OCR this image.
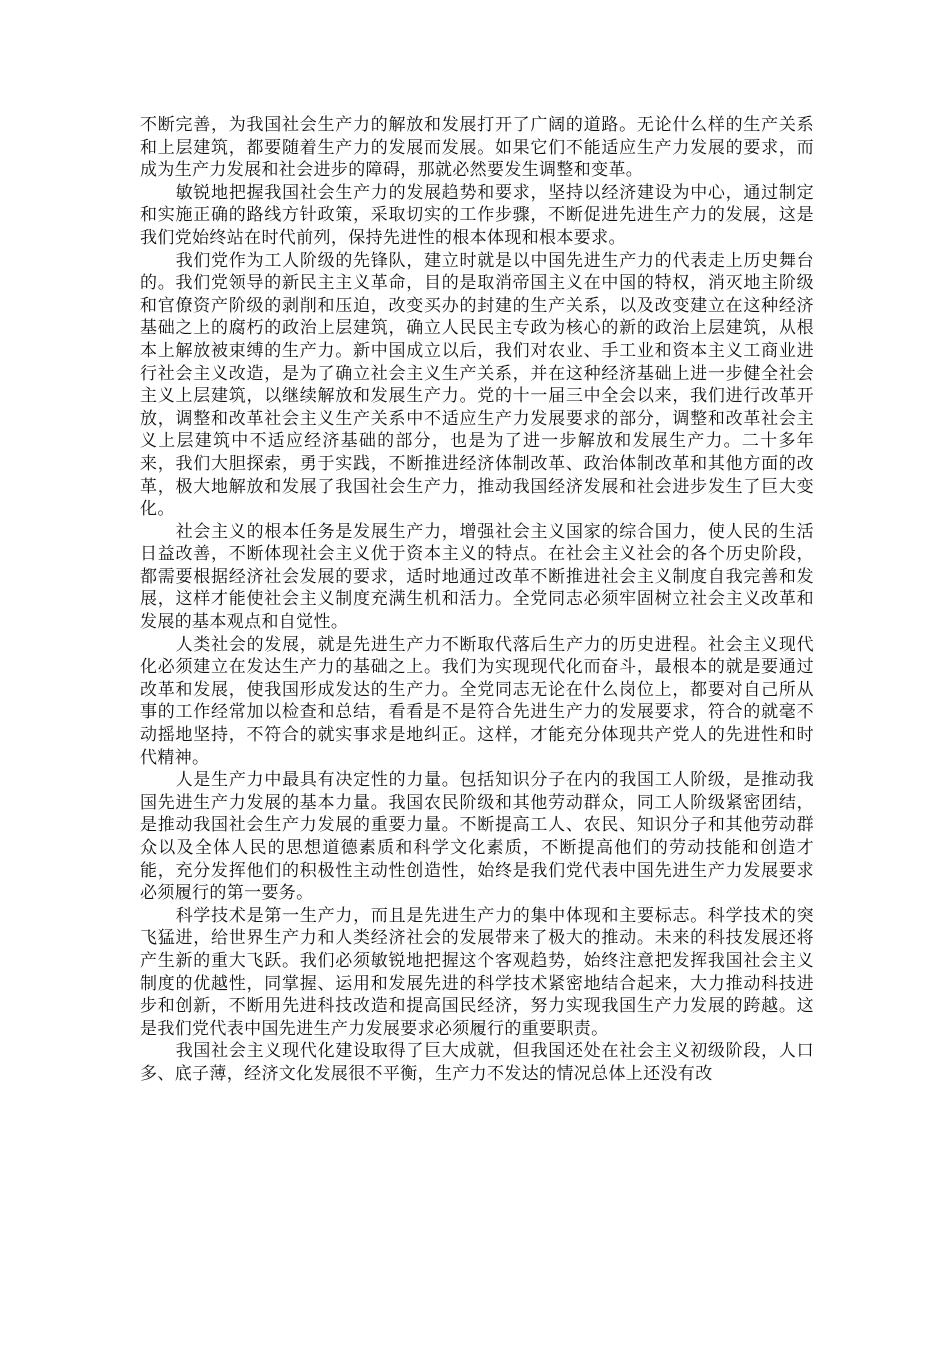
不断完善，为我国社会生产力的解放和发展打开了广阔的道路。无论什么样的生产关系和上层建筑，都要随着生产力的发展而发展。如果它们不能适应生产力发展的要求，而成为生产力发展和社会进步的障碍，那就必然要发生调整和变革。

敏锐地把握我国社会生产力的发展趋势和要求，坚持以经济建设为中心，通过制定和实施正确的路线方针政策，采取切实的工作步骤，不断促进先进生产力的发展，这是我们党始终站在时代前列，保持先进性的根本体现和根本要求。

我们党作为工人阶级的先锋队，建立时就是以中国先进生产力的代表走上历史舞台的。我们党领导的新民主主义革命，目的是取消帝国主义在中国的特权，消灭地主阶级和官僚资产阶级的剥削和压迫，改变买办的封建的生产关系，以及改变建立在这种经济基础之上的腐朽的政治上层建筑，确立人民民主专政为核心的新的政治上层建筑，从根本上解放被束缚的生产力。新中国成立以后，我们对农业、手工业和资本主义工商业进行社会主义改造，是为了确立社会主义生产关系，并在这种经济基础上进一步健全社会主义上层建筑，以继续解放和发展生产力。党的十一届三中全会以来，我们进行改革开放，调整和改革社会主义生产关系中不适应生产力发展要求的部分，调整和改革社会主义上层建筑中不适应经济基础的部分，也是为了进一步解放和发展生产力。二十多年来，我们大胆探索，勇于实践，不断推进经济体制改革、政治体制改革和其他方面的改革，极大地解放和发展了我国社会生产力，推动我国经济发展和社会进步发生了巨大变化。

社会主义的根本任务是发展生产力，增强社会主义国家的综合国力，使人民的生活日益改善，不断体现社会主义优于资本主义的特点。在社会主义社会的各个历史阶段，都需要根据经济社会发展的要求，适时地通过改革不断推进社会主义制度自我完善和发展，这样才能使社会主义制度充满生机和活力。全党同志必须牢固树立社会主义改革和发展的基本观点和自觉性。

人类社会的发展，就是先进生产力不断取代落后生产力的历史进程。社会主义现代化必须建立在发达生产力的基础之上。我们为实现现代化而奋斗，最根本的就是要通过改革和发展，使我国形成发达的生产力。全党同志无论在什么岗位上，都要对自己所从事的工作经常加以检查和总结，看看是不是符合先进生产力的发展要求，符合的就毫不动摇地坚持，不符合的就实事求是地纠正。这样，才能充分体现共产党人的先进性和时代精神。

人是生产力中最具有决定性的力量。包括知识分子在内的我国工人阶级，是推动我国先进生产力发展的基本力量。我国农民阶级和其他劳动群众，同工人阶级紧密团结，是推动我国社会生产力发展的重要力量。不断提高工人、农民、知识分子和其他劳动群众以及全体人民的思想道德素质和科学文化素质，不断提高他们的劳动技能和创造才能，充分发挥他们的积极性主动性创造性，始终是我们党代表中国先进生产力发展要求必须履行的第一要务。

科学技术是第一生产力，而且是先进生产力的集中体现和主要标志。科学技术的突飞猛进，给世界生产力和人类经济社会的发展带来了极大的推动。未来的科技发展还将产生新的重大飞跃。我们必须敏锐地把握这个客观趋势，始终注意把发挥我国社会主义制度的优越性，同掌握、运用和发展先进的科学技术紧密地结合起来，大力推动科技进步和创新，不断用先进科技改造和提高国民经济，努力实现我国生产力发展的跨越。这是我们党代表中国先进生产力发展要求必须履行的重要职责。

我国社会主义现代化建设取得了巨大成就，但我国还处在社会主义初级阶段，人口多、底子薄，经济文化发展很不平衡，生产力不发达的情况总体上还没有改
